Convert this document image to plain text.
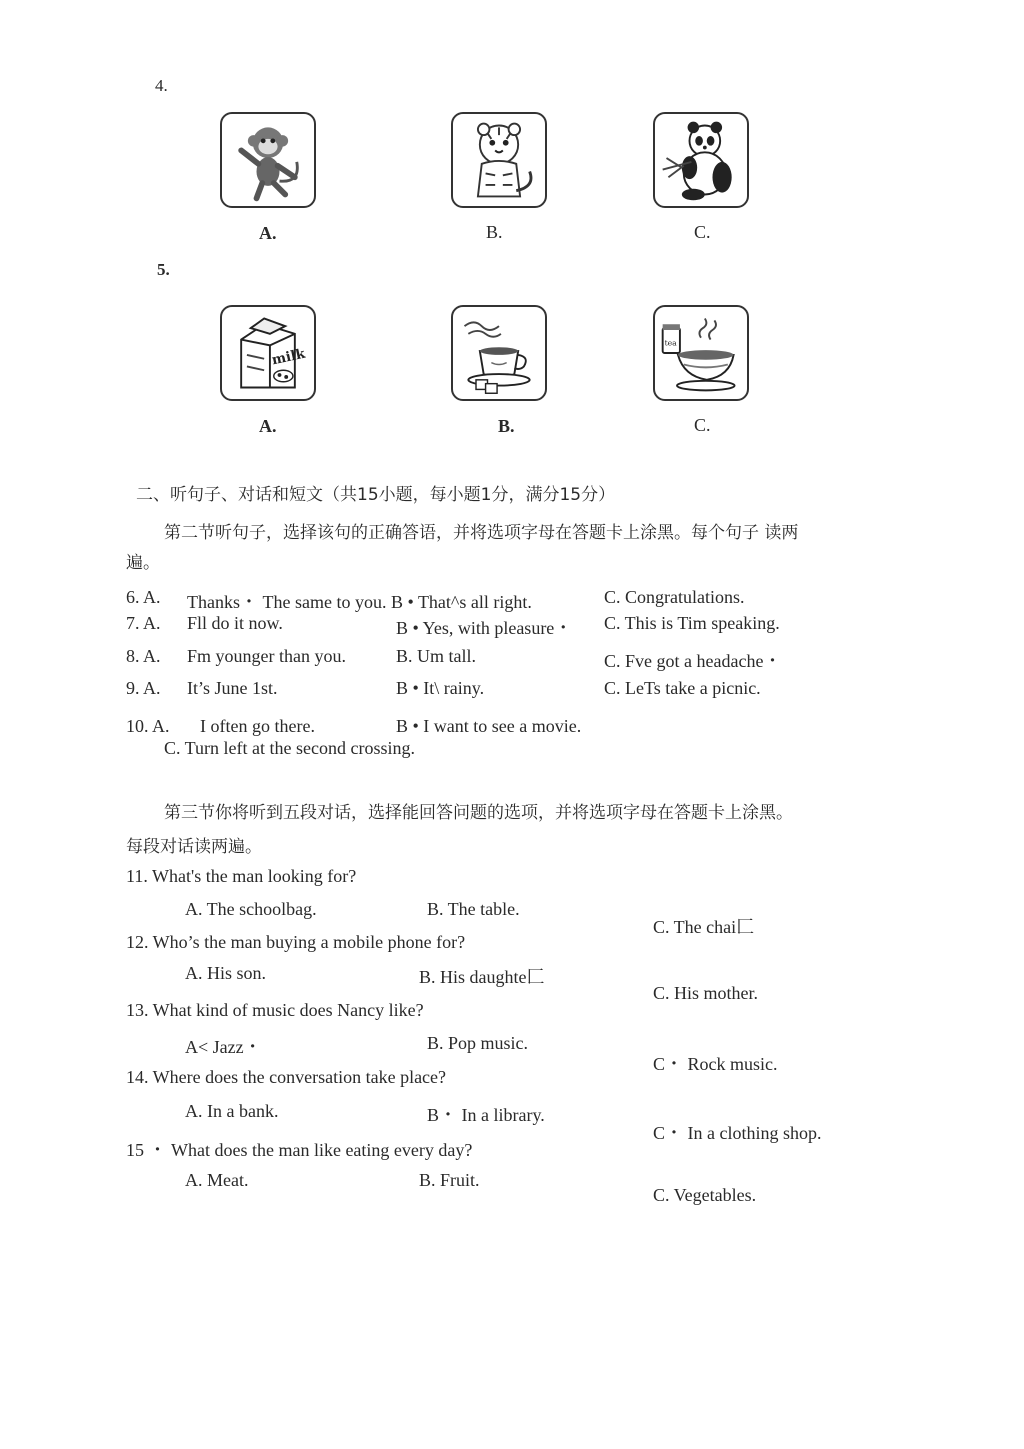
4.
A.	B.	C.
5.
milk
A.	B.
tea
C.
二、听句子、对话和短文（共15小题，每小题1分，满分15分）
第二节听句子，选择该句的正确答语，并将选项字母在答题卡上涂黑。每个句子 读两
遍。
6. A. Thanks・ The same to you. B • That^s all right.	C. Congratulations.
7. A. Fll do it now.	B • Yes, with pleasure・ C. This is Tim speaking.
8. A. Fm younger than you.	B. Um tall.	C. Fve got a headache・
9. A. It’s June 1st.	B • It\ rainy.	C. LeTs take a picnic.
10. A. I often go there.	B • I want to see a movie.
C. Turn left at the second crossing.
第三节你将听到五段对话，选择能回答问题的选项，并将选项字母在答题卡上涂黑。
每段对话读两遍。
11. What's the man looking for?
A. The schoolbag.	B. The table.
C. The chai匚
12. Who’s the man buying a mobile phone for?
A. His son.	B. His daughte匚
C. His mother.
13. What kind of music does Nancy like?
A< Jazz・	B. Pop music.
C・ Rock music.
14. Where does the conversation take place?
A. In a bank.	B・ In a library.
C・ In a clothing shop.
15 ・ What does the man like eating every day?
A. Meat.	B. Fruit.
C. Vegetables.
